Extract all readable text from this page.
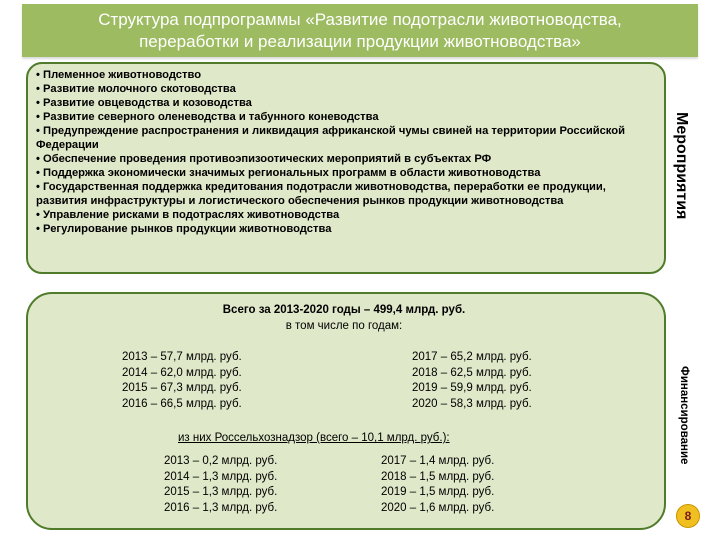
Структура подпрограммы «Развитие подотрасли животноводства,
переработки и реализации продукции животноводства»
• Племенное животноводство
• Развитие молочного скотоводства
• Развитие овцеводства и козоводства
• Развитие северного оленеводства и табунного коневодства
• Предупреждение распространения и ликвидация африканской чумы свиней на территории Российской Федерации
• Обеспечение проведения противоэпизоотических мероприятий в субъектах РФ
• Поддержка экономически значимых региональных программ в области животноводства
• Государственная поддержка кредитования подотрасли животноводства, переработки ее продукции, развития инфраструктуры и логистического обеспечения рынков продукции животноводства
• Управление рисками в подотраслях животноводства
• Регулирование рынков продукции животноводства
Мероприятия

Всего за 2013-2020 годы – 499,4 млрд. руб.

в том числе по годам:

2013 – 57,7 млрд. руб.
2014 – 62,0 млрд. руб.
2015 – 67,3 млрд. руб.
2016 – 66,5 млрд. руб.
2017 – 65,2 млрд. руб.
2018 – 62,5 млрд. руб.
2019 – 59,9 млрд. руб.
2020 – 58,3 млрд. руб.

из них Россельхознадзор (всего – 10,1 млрд. руб.):

2013 – 0,2 млрд. руб.
2014 – 1,3 млрд. руб.
2015 – 1,3 млрд. руб.
2016 – 1,3 млрд. руб.
2017 – 1,4 млрд. руб.
2018 – 1,5 млрд. руб.
2019 – 1,5 млрд. руб.
2020 – 1,6 млрд. руб.
Финансирование
8
